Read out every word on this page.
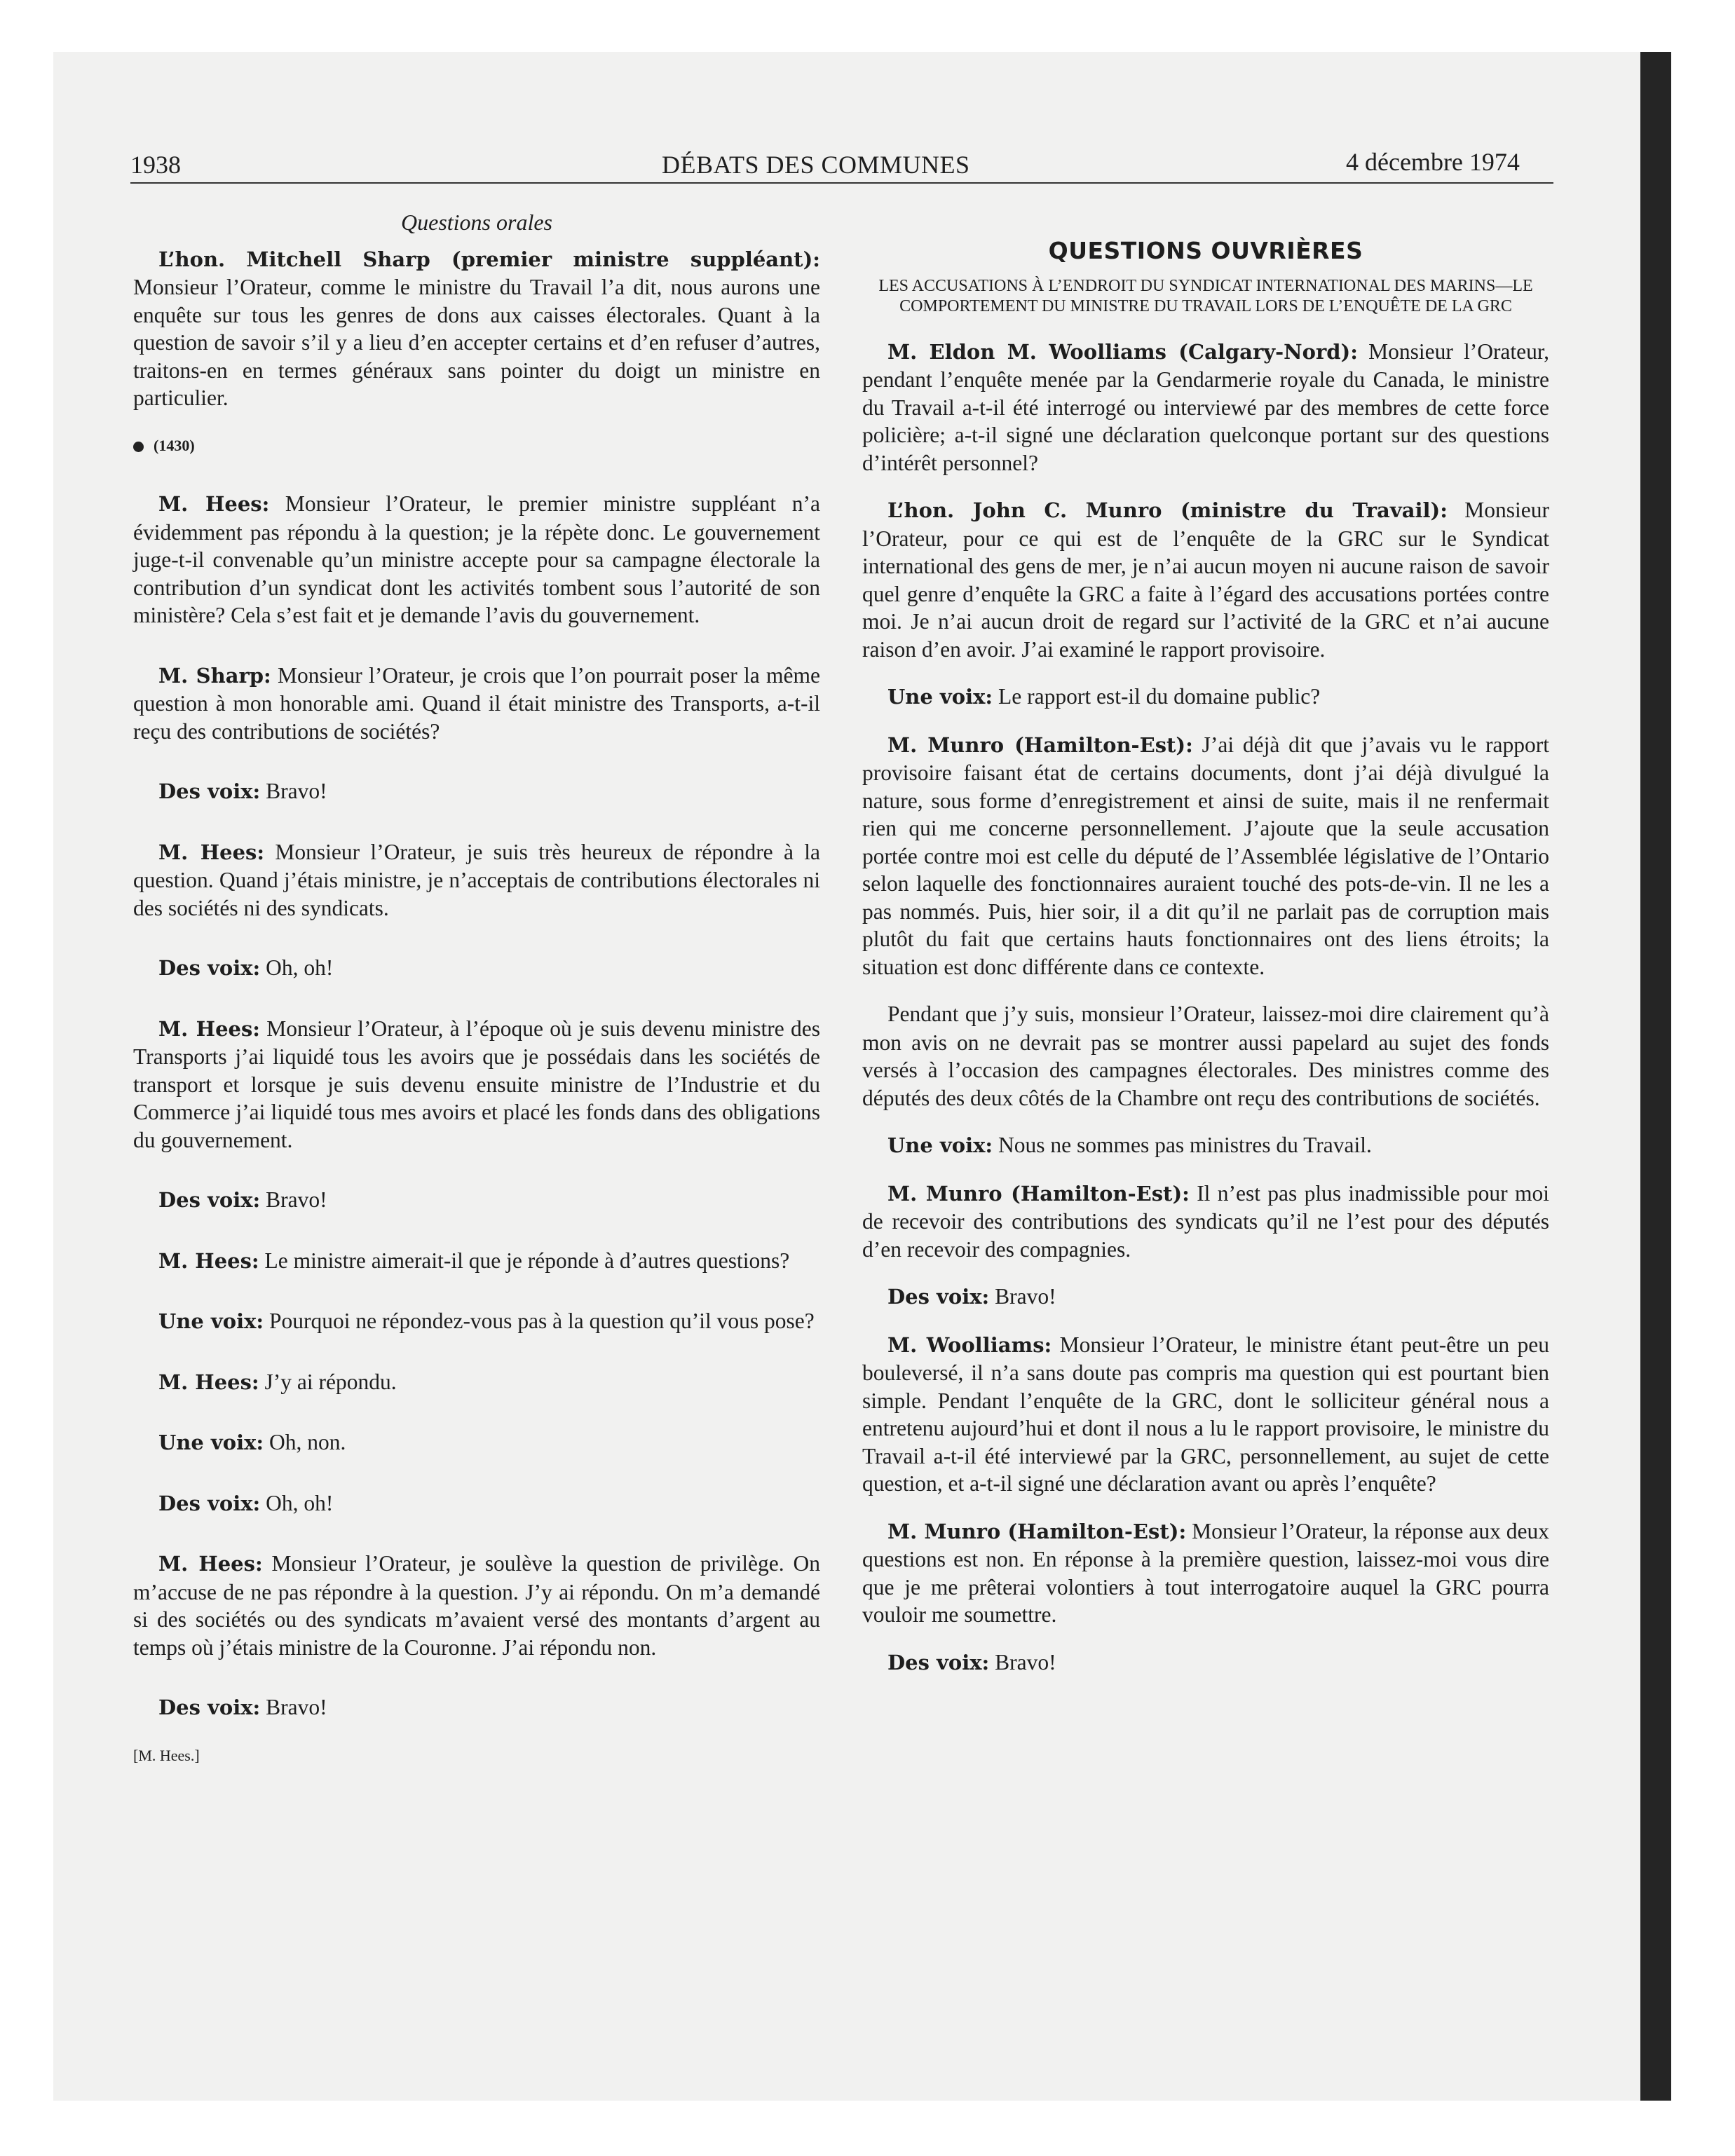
1938	DÉBATS DES COMMUNES	4 décembre 1974
Questions orales

L’hon. Mitchell Sharp (premier ministre suppléant): Monsieur l’Orateur, comme le ministre du Travail l’a dit, nous aurons une enquête sur tous les genres de dons aux caisses électorales. Quant à la question de savoir s’il y a lieu d’en accepter certains et d’en refuser d’autres, traitons-en en termes généraux sans pointer du doigt un ministre en particulier.

(1430)

M. Hees: Monsieur l’Orateur, le premier ministre suppléant n’a évidemment pas répondu à la question; je la répète donc. Le gouvernement juge-t-il convenable qu’un ministre accepte pour sa campagne électorale la contribution d’un syndicat dont les activités tombent sous l’autorité de son ministère? Cela s’est fait et je demande l’avis du gouvernement.

M. Sharp: Monsieur l’Orateur, je crois que l’on pourrait poser la même question à mon honorable ami. Quand il était ministre des Transports, a-t-il reçu des contributions de sociétés?

Des voix: Bravo!

M. Hees: Monsieur l’Orateur, je suis très heureux de répondre à la question. Quand j’étais ministre, je n’acceptais de contributions électorales ni des sociétés ni des syndicats.

Des voix: Oh, oh!

M. Hees: Monsieur l’Orateur, à l’époque où je suis devenu ministre des Transports j’ai liquidé tous les avoirs que je possédais dans les sociétés de transport et lorsque je suis devenu ensuite ministre de l’Industrie et du Commerce j’ai liquidé tous mes avoirs et placé les fonds dans des obligations du gouvernement.

Des voix: Bravo!

M. Hees: Le ministre aimerait-il que je réponde à d’autres questions?

Une voix: Pourquoi ne répondez-vous pas à la question qu’il vous pose?

M. Hees: J’y ai répondu.

Une voix: Oh, non.

Des voix: Oh, oh!

M. Hees: Monsieur l’Orateur, je soulève la question de privilège. On m’accuse de ne pas répondre à la question. J’y ai répondu. On m’a demandé si des sociétés ou des syndicats m’avaient versé des montants d’argent au temps où j’étais ministre de la Couronne. J’ai répondu non.

Des voix: Bravo!

[M. Hees.]
QUESTIONS OUVRIÈRES
LES ACCUSATIONS À L’ENDROIT DU SYNDICAT INTERNATIONAL DES MARINS—LE COMPORTEMENT DU MINISTRE DU TRAVAIL LORS DE L’ENQUÊTE DE LA GRC

M. Eldon M. Woolliams (Calgary-Nord): Monsieur l’Orateur, pendant l’enquête menée par la Gendarmerie royale du Canada, le ministre du Travail a-t-il été interrogé ou interviewé par des membres de cette force policière; a-t-il signé une déclaration quelconque portant sur des questions d’intérêt personnel?

L’hon. John C. Munro (ministre du Travail): Monsieur l’Orateur, pour ce qui est de l’enquête de la GRC sur le Syndicat international des gens de mer, je n’ai aucun moyen ni aucune raison de savoir quel genre d’enquête la GRC a faite à l’égard des accusations portées contre moi. Je n’ai aucun droit de regard sur l’activité de la GRC et n’ai aucune raison d’en avoir. J’ai examiné le rapport provisoire.

Une voix: Le rapport est-il du domaine public?

M. Munro (Hamilton-Est): J’ai déjà dit que j’avais vu le rapport provisoire faisant état de certains documents, dont j’ai déjà divulgué la nature, sous forme d’enregistrement et ainsi de suite, mais il ne renfermait rien qui me concerne personnellement. J’ajoute que la seule accusation portée contre moi est celle du député de l’Assemblée législative de l’Ontario selon laquelle des fonctionnaires auraient touché des pots-de-vin. Il ne les a pas nommés. Puis, hier soir, il a dit qu’il ne parlait pas de corruption mais plutôt du fait que certains hauts fonctionnaires ont des liens étroits; la situation est donc différente dans ce contexte.

Pendant que j’y suis, monsieur l’Orateur, laissez-moi dire clairement qu’à mon avis on ne devrait pas se montrer aussi papelard au sujet des fonds versés à l’occasion des campagnes électorales. Des ministres comme des députés des deux côtés de la Chambre ont reçu des contributions de sociétés.

Une voix: Nous ne sommes pas ministres du Travail.

M. Munro (Hamilton-Est): Il n’est pas plus inadmissible pour moi de recevoir des contributions des syndicats qu’il ne l’est pour des députés d’en recevoir des compagnies.

Des voix: Bravo!

M. Woolliams: Monsieur l’Orateur, le ministre étant peut-être un peu bouleversé, il n’a sans doute pas compris ma question qui est pourtant bien simple. Pendant l’enquête de la GRC, dont le solliciteur général nous a entretenu aujourd’hui et dont il nous a lu le rapport provisoire, le ministre du Travail a-t-il été interviewé par la GRC, personnellement, au sujet de cette question, et a-t-il signé une déclaration avant ou après l’enquête?

M. Munro (Hamilton-Est): Monsieur l’Orateur, la réponse aux deux questions est non. En réponse à la première question, laissez-moi vous dire que je me prêterai volontiers à tout interrogatoire auquel la GRC pourra vouloir me soumettre.

Des voix: Bravo!
